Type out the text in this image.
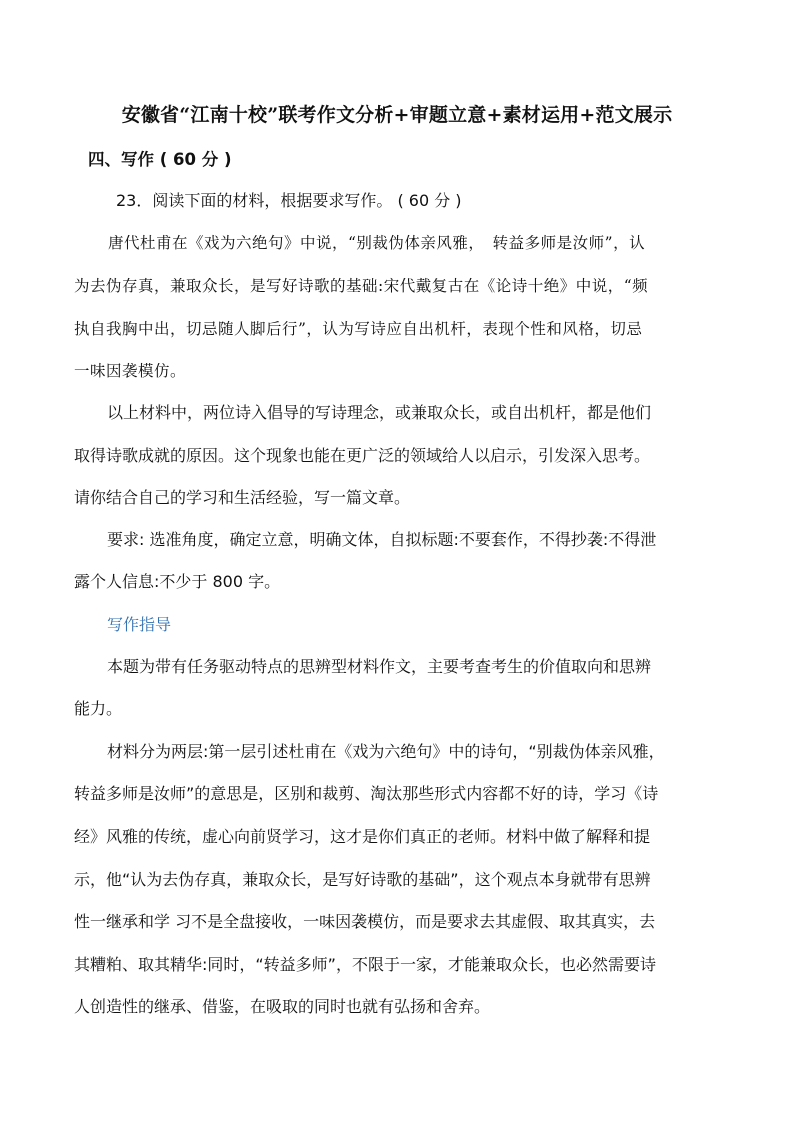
安徽省“江南十校”联考作文分析+审题立意+素材运用+范文展示
四、写作 ( 60 分 )
23．阅读下面的材料，根据要求写作。 ( 60 分 )
唐代杜甫在《戏为六绝句》中说，“别裁伪体亲风雅，　转益多师是汝师”，认
为去伪存真，兼取众长，是写好诗歌的基础:宋代戴复古在《论诗十绝》中说，“频
执自我胸中出，切忌随人脚后行”，认为写诗应自出机杆，表现个性和风格，切忌
一味因袭模仿。
以上材料中，两位诗入倡导的写诗理念，或兼取众长，或自出机杆，都是他们
取得诗歌成就的原因。这个现象也能在更广泛的领域给人以启示，引发深入思考。
请你结合自己的学习和生活经验，写一篇文章。
要求: 选准角度，确定立意，明确文体，自拟标题:不要套作，不得抄袭:不得泄
露个人信息:不少于 800 字。
写作指导
本题为带有任务驱动特点的思辨型材料作文，主要考查考生的价值取向和思辨
能力。
材料分为两层:第一层引述杜甫在《戏为六绝句》中的诗句，“别裁伪体亲风雅，
转益多师是汝师”的意思是，区别和裁剪、淘汰那些形式内容都不好的诗，学习《诗
经》风雅的传统，虚心向前贤学习，这才是你们真正的老师。材料中做了解释和提
示，他“认为去伪存真，兼取众长，是写好诗歌的基础”，这个观点本身就带有思辨
性一继承和学 习不是全盘接收，一味因袭模仿，而是要求去其虚假、取其真实，去
其糟粕、取其精华:同时，“转益多师”，不限于一家，才能兼取众长，也必然需要诗
人创造性的继承、借鉴，在吸取的同时也就有弘扬和舍弃。
